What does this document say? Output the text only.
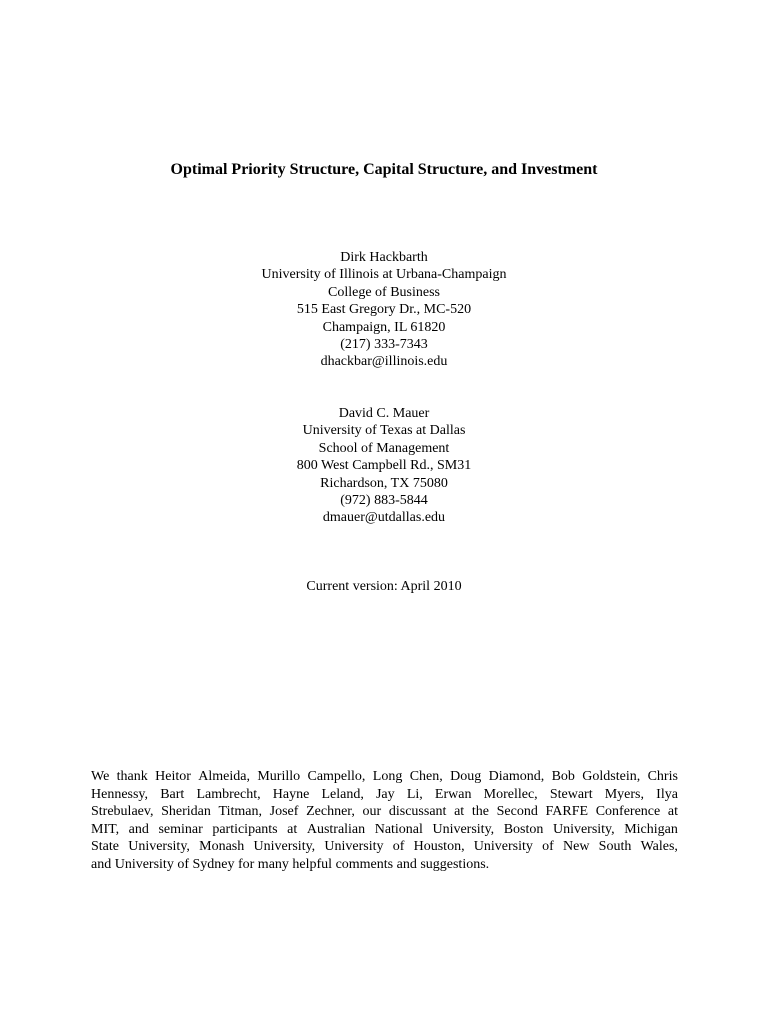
Optimal Priority Structure, Capital Structure, and Investment
Dirk Hackbarth
University of Illinois at Urbana-Champaign
College of Business
515 East Gregory Dr., MC-520
Champaign, IL 61820
(217) 333-7343
dhackbar@illinois.edu
David C. Mauer
University of Texas at Dallas
School of Management
800 West Campbell Rd., SM31
Richardson, TX 75080
(972) 883-5844
dmauer@utdallas.edu
Current version: April 2010
We thank Heitor Almeida, Murillo Campello, Long Chen, Doug Diamond, Bob Goldstein, Chris
Hennessy, Bart Lambrecht, Hayne Leland, Jay Li, Erwan Morellec, Stewart Myers, Ilya
Strebulaev, Sheridan Titman, Josef Zechner, our discussant at the Second FARFE Conference at
MIT, and seminar participants at Australian National University, Boston University, Michigan
State University, Monash University, University of Houston, University of New South Wales,
and University of Sydney for many helpful comments and suggestions.
